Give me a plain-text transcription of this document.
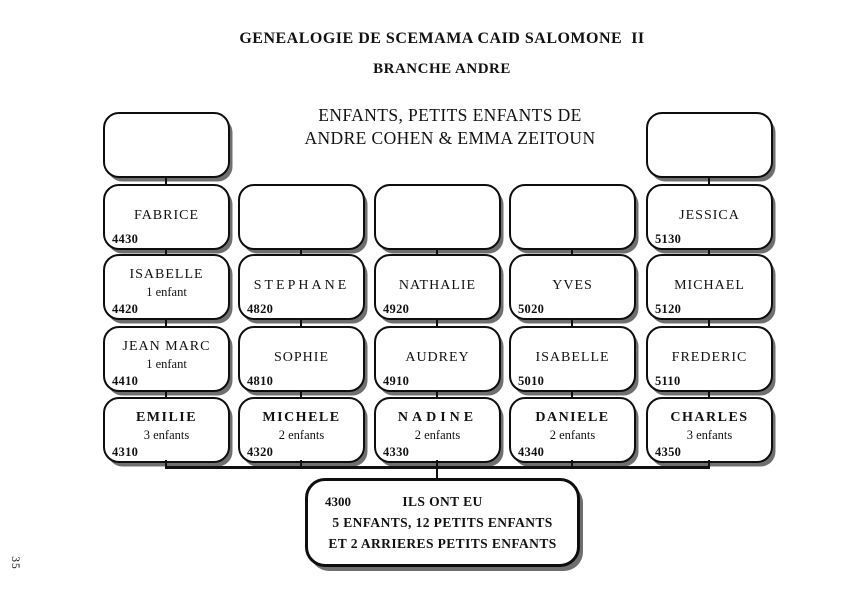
GENEALOGIE DE SCEMAMA CAID SALOMONE  II
BRANCHE ANDRE
ENFANTS, PETITS ENFANTS DE
ANDRE COHEN & EMMA ZEITOUN
FABRICE
4430
JESSICA
5130
ISABELLE
1 enfant
4420
STEPHANE
4820
NATHALIE
4920
YVES
5020
MICHAEL
5120
JEAN MARC
1 enfant
4410
SOPHIE
4810
AUDREY
4910
ISABELLE
5010
FREDERIC
5110
EMILIE
3 enfants
4310
MICHELE
2 enfants
4320
NADINE
2 enfants
4330
DANIELE
2 enfants
4340
CHARLES
3 enfants
4350
4300	ILS ONT EU
5 ENFANTS, 12 PETITS ENFANTS
ET 2 ARRIERES PETITS ENFANTS
35
